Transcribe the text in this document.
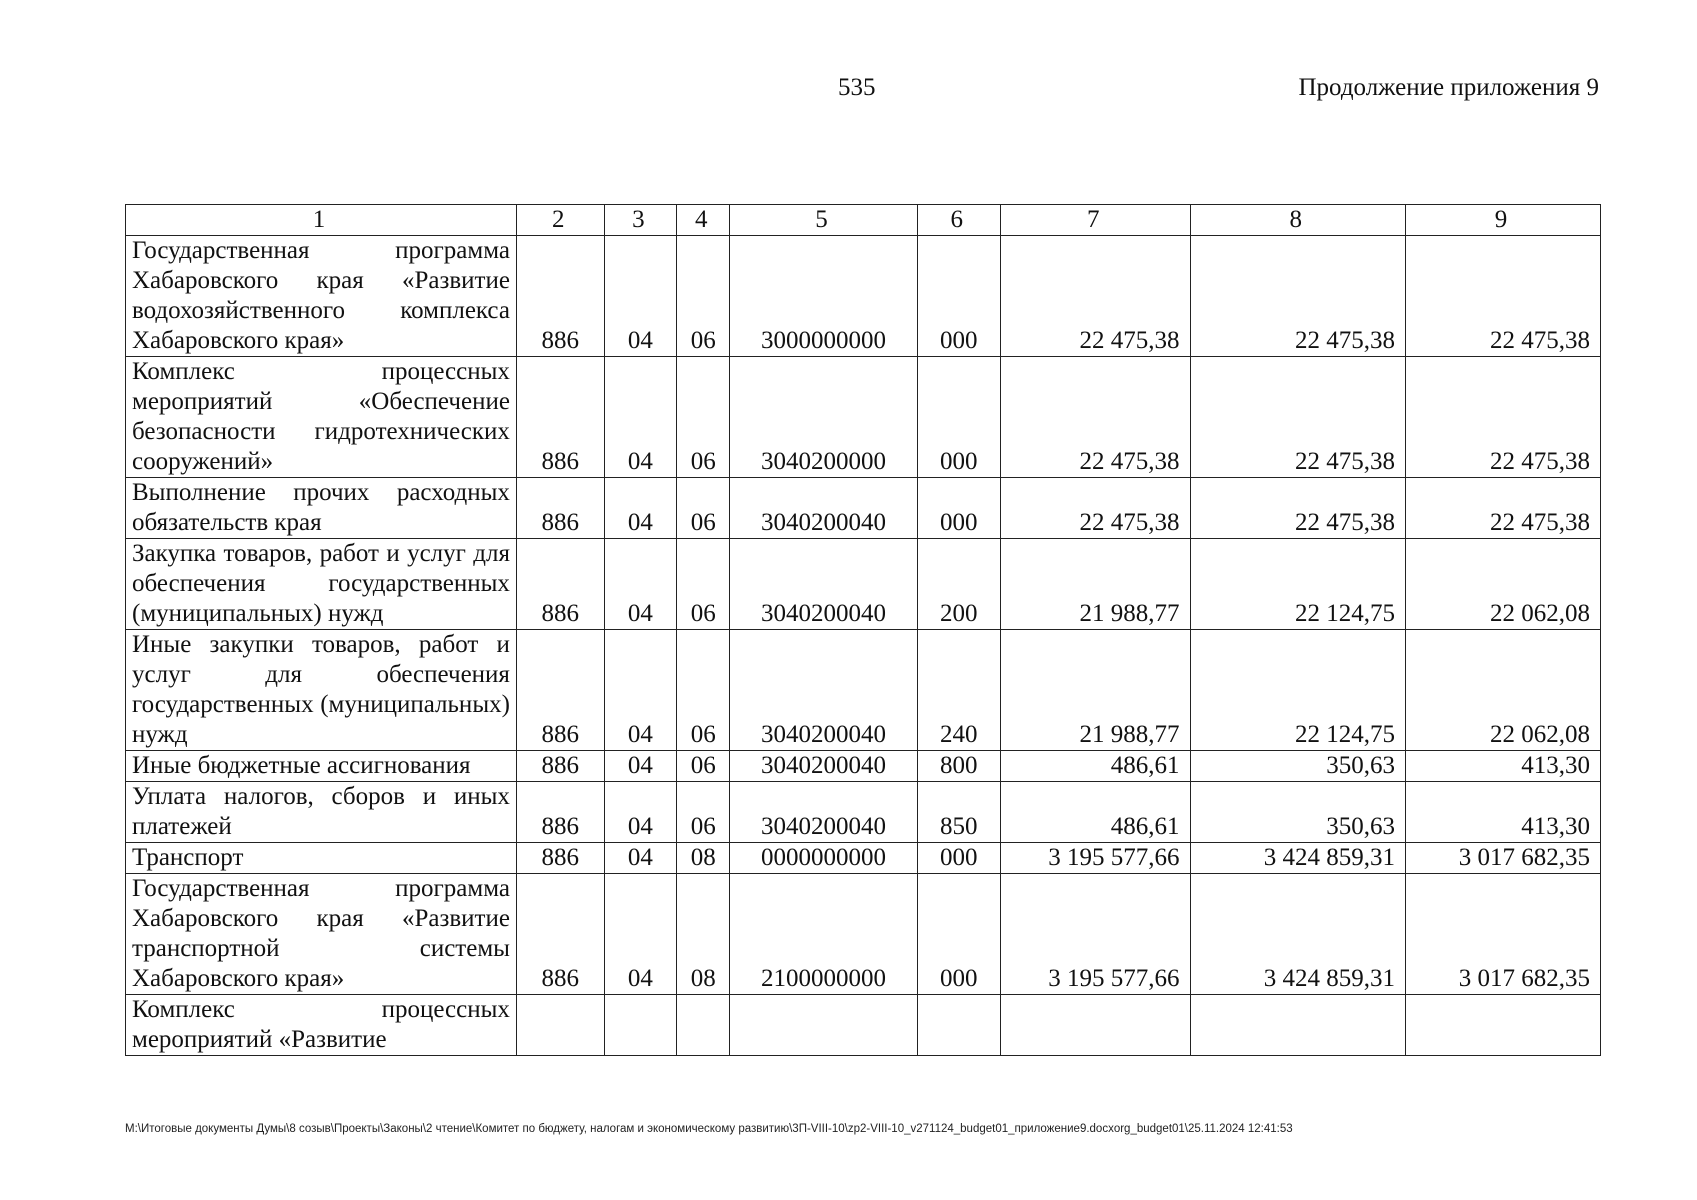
535	Продолжение приложения 9
1	2	3	4	5	6	7	8	9
Государственная программа Хабаровского края «Развитие водохозяйственного комплекса Хабаровского края»	886	04	06	3000000000	000	22 475,38	22 475,38	22 475,38
Комплекс процессных мероприятий «Обеспечение безопасности гидротехнических сооружений»	886	04	06	3040200000	000	22 475,38	22 475,38	22 475,38
Выполнение прочих расходных обязательств края	886	04	06	3040200040	000	22 475,38	22 475,38	22 475,38
Закупка товаров, работ и услуг для обеспечения государственных (муниципальных) нужд	886	04	06	3040200040	200	21 988,77	22 124,75	22 062,08
Иные закупки товаров, работ и услуг для обеспечения государственных (муниципальных) нужд	886	04	06	3040200040	240	21 988,77	22 124,75	22 062,08
Иные бюджетные ассигнования	886	04	06	3040200040	800	486,61	350,63	413,30
Уплата налогов, сборов и иных платежей	886	04	06	3040200040	850	486,61	350,63	413,30
Транспорт	886	04	08	0000000000	000	3 195 577,66	3 424 859,31	3 017 682,35
Государственная программа Хабаровского края «Развитие транспортной системы Хабаровского края»	886	04	08	2100000000	000	3 195 577,66	3 424 859,31	3 017 682,35
Комплекс процессных мероприятий «Развитие								
M:\Итоговые документы Думы\8 созыв\Проекты\Законы\2 чтение\Комитет по бюджету, налогам и экономическому развитию\3П-VIII-10\zp2-VIII-10_v271124_budget01_приложение9.docxorg_budget01\25.11.2024 12:41:53
